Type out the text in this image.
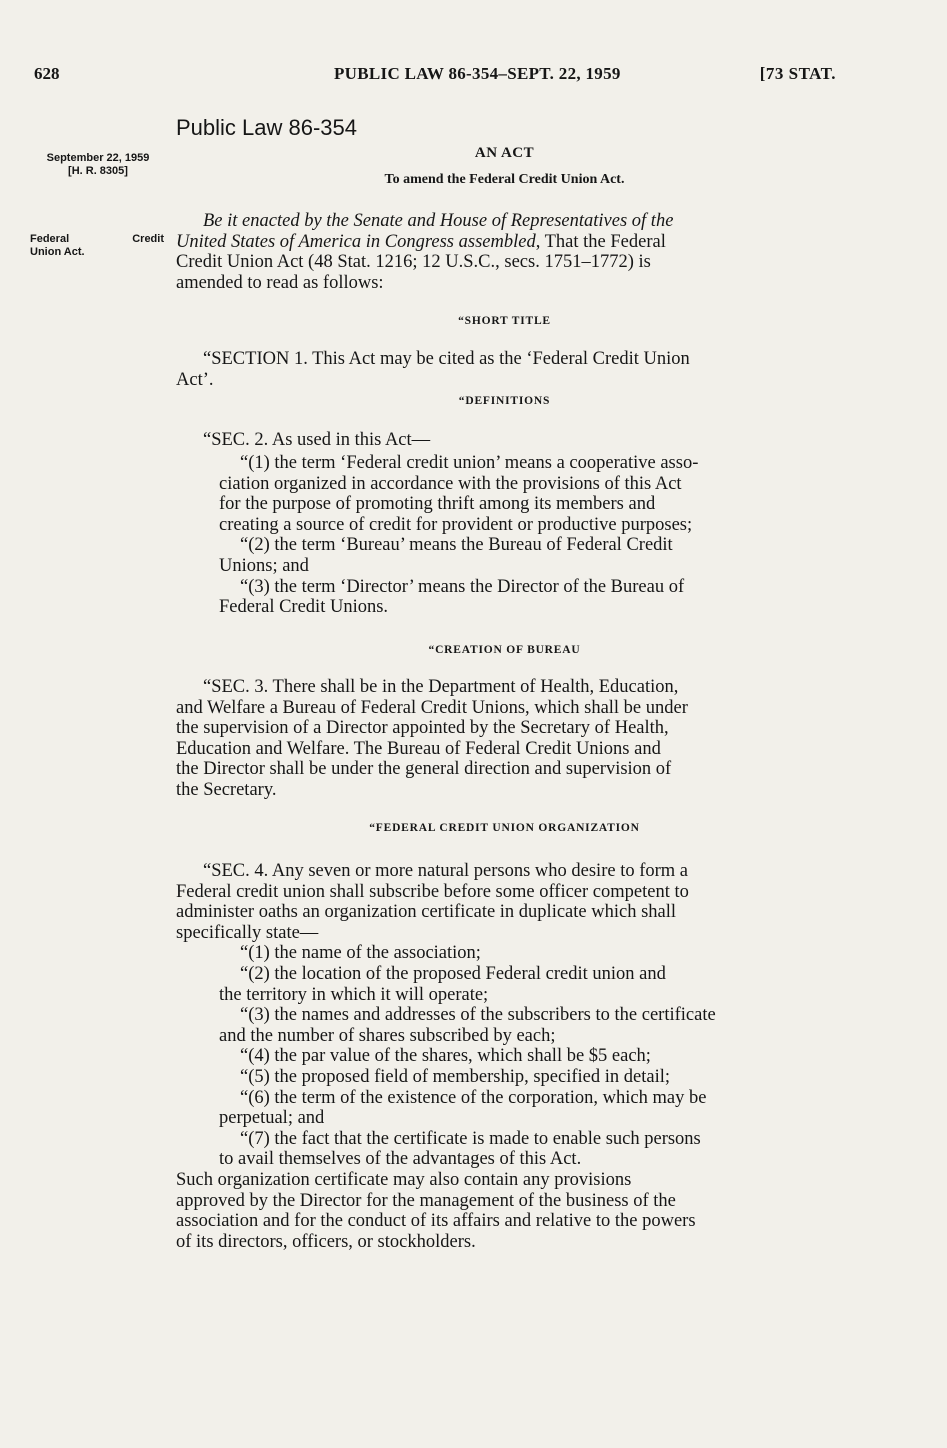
628	PUBLIC LAW 86-354–SEPT. 22, 1959	[73 STAT.
September 22, 1959
[H. R. 8305]
Federal	Credit
Union Act.
Public Law 86-354
AN ACT
To amend the Federal Credit Union Act.
Be it enacted by the Senate and House of Representatives of the
United States of America in Congress assembled, That the Federal
Credit Union Act (48 Stat. 1216; 12 U.S.C., secs. 1751–1772) is
amended to read as follows:
“SHORT TITLE
“SECTION 1. This Act may be cited as the ‘Federal Credit Union
Act’.
“DEFINITIONS
“SEC. 2. As used in this Act—
“(1) the term ‘Federal credit union’ means a cooperative asso-
ciation organized in accordance with the provisions of this Act
for the purpose of promoting thrift among its members and
creating a source of credit for provident or productive purposes;
“(2) the term ‘Bureau’ means the Bureau of Federal Credit
Unions; and
“(3) the term ‘Director’ means the Director of the Bureau of
Federal Credit Unions.
“CREATION OF BUREAU
“SEC. 3. There shall be in the Department of Health, Education,
and Welfare a Bureau of Federal Credit Unions, which shall be under
the supervision of a Director appointed by the Secretary of Health,
Education and Welfare. The Bureau of Federal Credit Unions and
the Director shall be under the general direction and supervision of
the Secretary.
“FEDERAL CREDIT UNION ORGANIZATION
“SEC. 4. Any seven or more natural persons who desire to form a
Federal credit union shall subscribe before some officer competent to
administer oaths an organization certificate in duplicate which shall
specifically state—
“(1) the name of the association;
“(2) the location of the proposed Federal credit union and
the territory in which it will operate;
“(3) the names and addresses of the subscribers to the certificate
and the number of shares subscribed by each;
“(4) the par value of the shares, which shall be $5 each;
“(5) the proposed field of membership, specified in detail;
“(6) the term of the existence of the corporation, which may be
perpetual; and
“(7) the fact that the certificate is made to enable such persons
to avail themselves of the advantages of this Act.
Such organization certificate may also contain any provisions
approved by the Director for the management of the business of the
association and for the conduct of its affairs and relative to the powers
of its directors, officers, or stockholders.
